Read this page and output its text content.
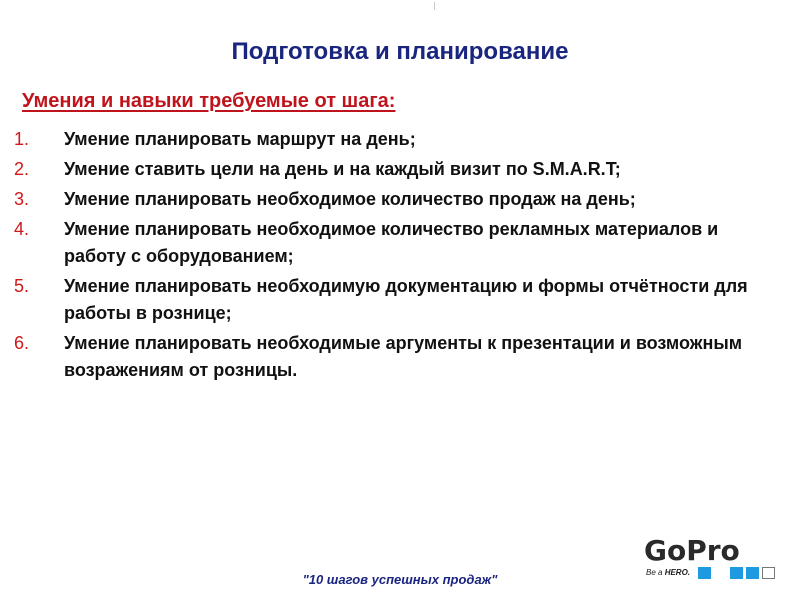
Подготовка и планирование
Умения и навыки требуемые от шага:
1. Умение планировать маршрут на день;
2. Умение ставить цели на день и на каждый визит по S.M.A.R.T;
3. Умение планировать необходимое количество продаж на день;
4. Умение планировать необходимое количество рекламных материалов и работу с оборудованием;
5. Умение планировать необходимую документацию и формы отчётности для работы в рознице;
6. Умение планировать необходимые аргументы к презентации и возможным возражениям от розницы.
"10 шагов успешных продаж"
GoPro
Be a HERO.
